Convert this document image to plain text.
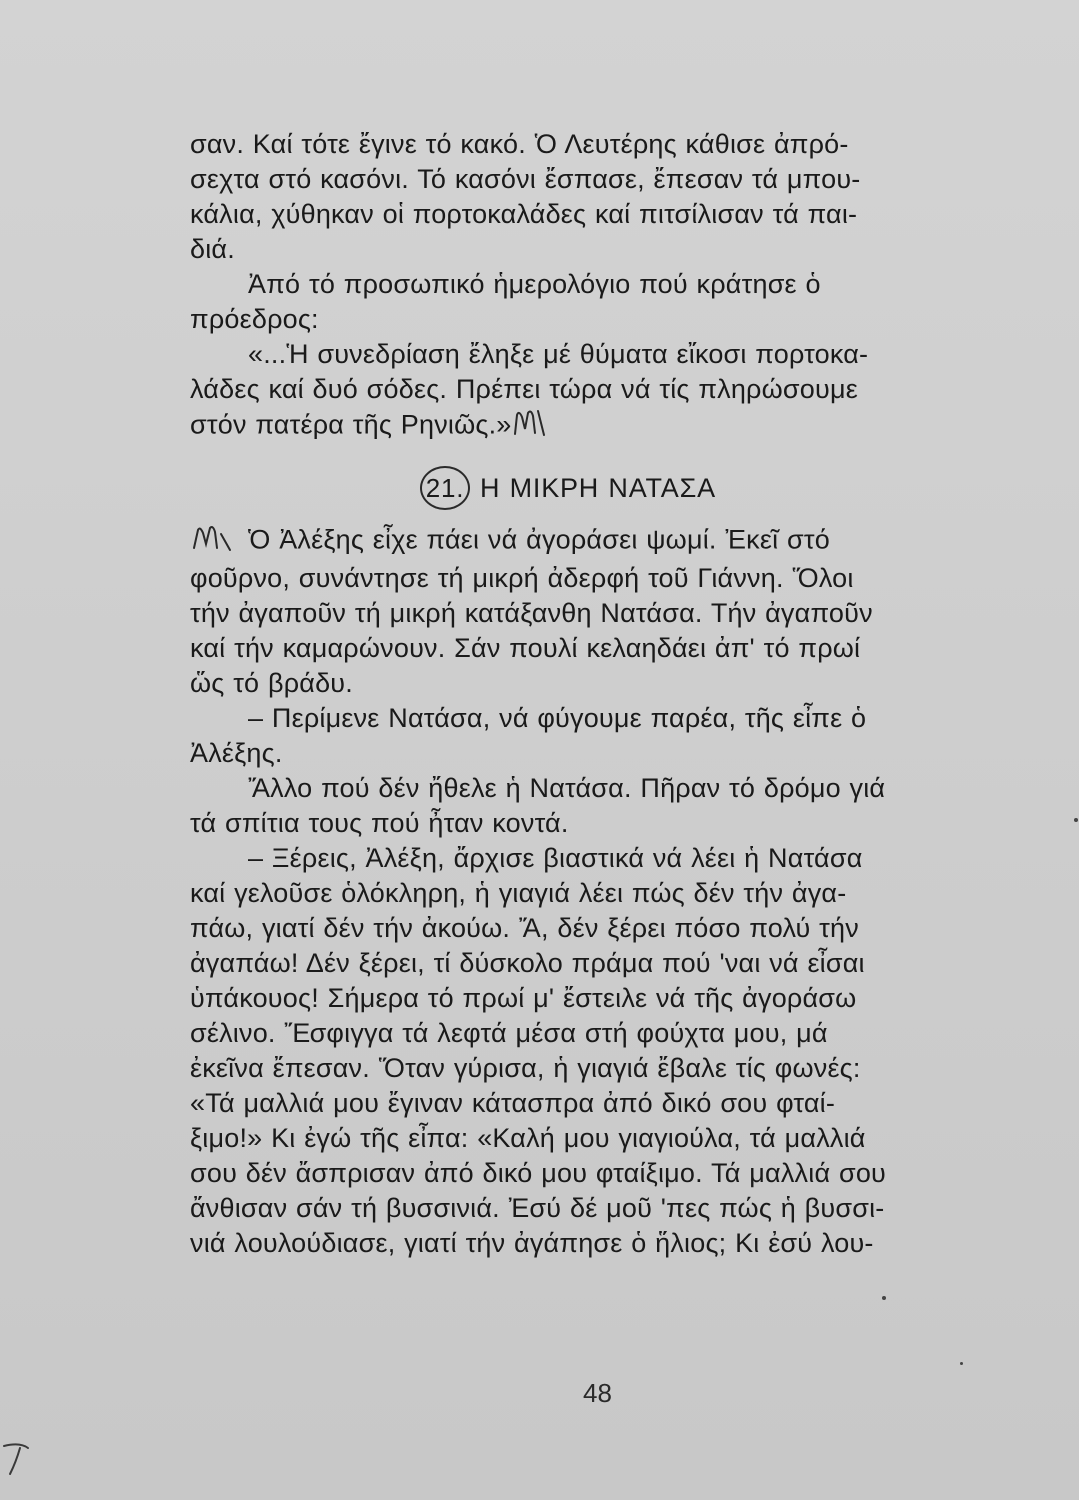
σαν. Καί τότε ἔγινε τό κακό. Ὁ Λευτέρης κάθισε ἀπρό-
σεχτα στό κασόνι. Τό κασόνι ἔσπασε, ἔπεσαν τά μπου-
κάλια, χύθηκαν οἱ πορτοκαλάδες καί πιτσίλισαν τά παι-
διά.

Ἀπό τό προσωπικό ἡμερολόγιο πού κράτησε ὁ
πρόεδρος:

«...Ἡ συνεδρίαση ἔληξε μέ θύματα εἴκοσι πορτοκα-
λάδες καί δυό σόδες. Πρέπει τώρα νά τίς πληρώσουμε
στόν πατέρα τῆς Ρηνιῶς.»

21. Η ΜΙΚΡΗ ΝΑΤΑΣΑ

Ὁ Ἀλέξης εἶχε πάει νά ἀγοράσει ψωμί. Ἐκεῖ στό
φοῦρνο, συνάντησε τή μικρή ἀδερφή τοῦ Γιάννη. Ὅλοι
τήν ἀγαποῦν τή μικρή κατάξανθη Νατάσα. Τήν ἀγαποῦν
καί τήν καμαρώνουν. Σάν πουλί κελαηδάει ἀπ' τό πρωί
ὥς τό βράδυ.

– Περίμενε Νατάσα, νά φύγουμε παρέα, τῆς εἶπε ὁ
Ἀλέξης.

Ἄλλο πού δέν ἤθελε ἡ Νατάσα. Πῆραν τό δρόμο γιά
τά σπίτια τους πού ἦταν κοντά.

– Ξέρεις, Ἀλέξη, ἄρχισε βιαστικά νά λέει ἡ Νατάσα
καί γελοῦσε ὁλόκληρη, ἡ γιαγιά λέει πώς δέν τήν ἀγα-
πάω, γιατί δέν τήν ἀκούω. Ἄ, δέν ξέρει πόσο πολύ τήν
ἀγαπάω! Δέν ξέρει, τί δύσκολο πράμα πού 'ναι νά εἶσαι
ὑπάκουος! Σήμερα τό πρωί μ' ἔστειλε νά τῆς ἀγοράσω
σέλινο. Ἔσφιγγα τά λεφτά μέσα στή φούχτα μου, μά
ἐκεῖνα ἔπεσαν. Ὅταν γύρισα, ἡ γιαγιά ἔβαλε τίς φωνές:
«Τά μαλλιά μου ἔγιναν κάτασπρα ἀπό δικό σου φταί-
ξιμο!» Κι ἐγώ τῆς εἶπα: «Καλή μου γιαγιούλα, τά μαλλιά
σου δέν ἄσπρισαν ἀπό δικό μου φταίξιμο. Τά μαλλιά σου
ἄνθισαν σάν τή βυσσινιά. Ἐσύ δέ μοῦ 'πες πώς ἡ βυσσι-
νιά λουλούδιασε, γιατί τήν ἀγάπησε ὁ ἥλιος; Κι ἐσύ λου-

48
